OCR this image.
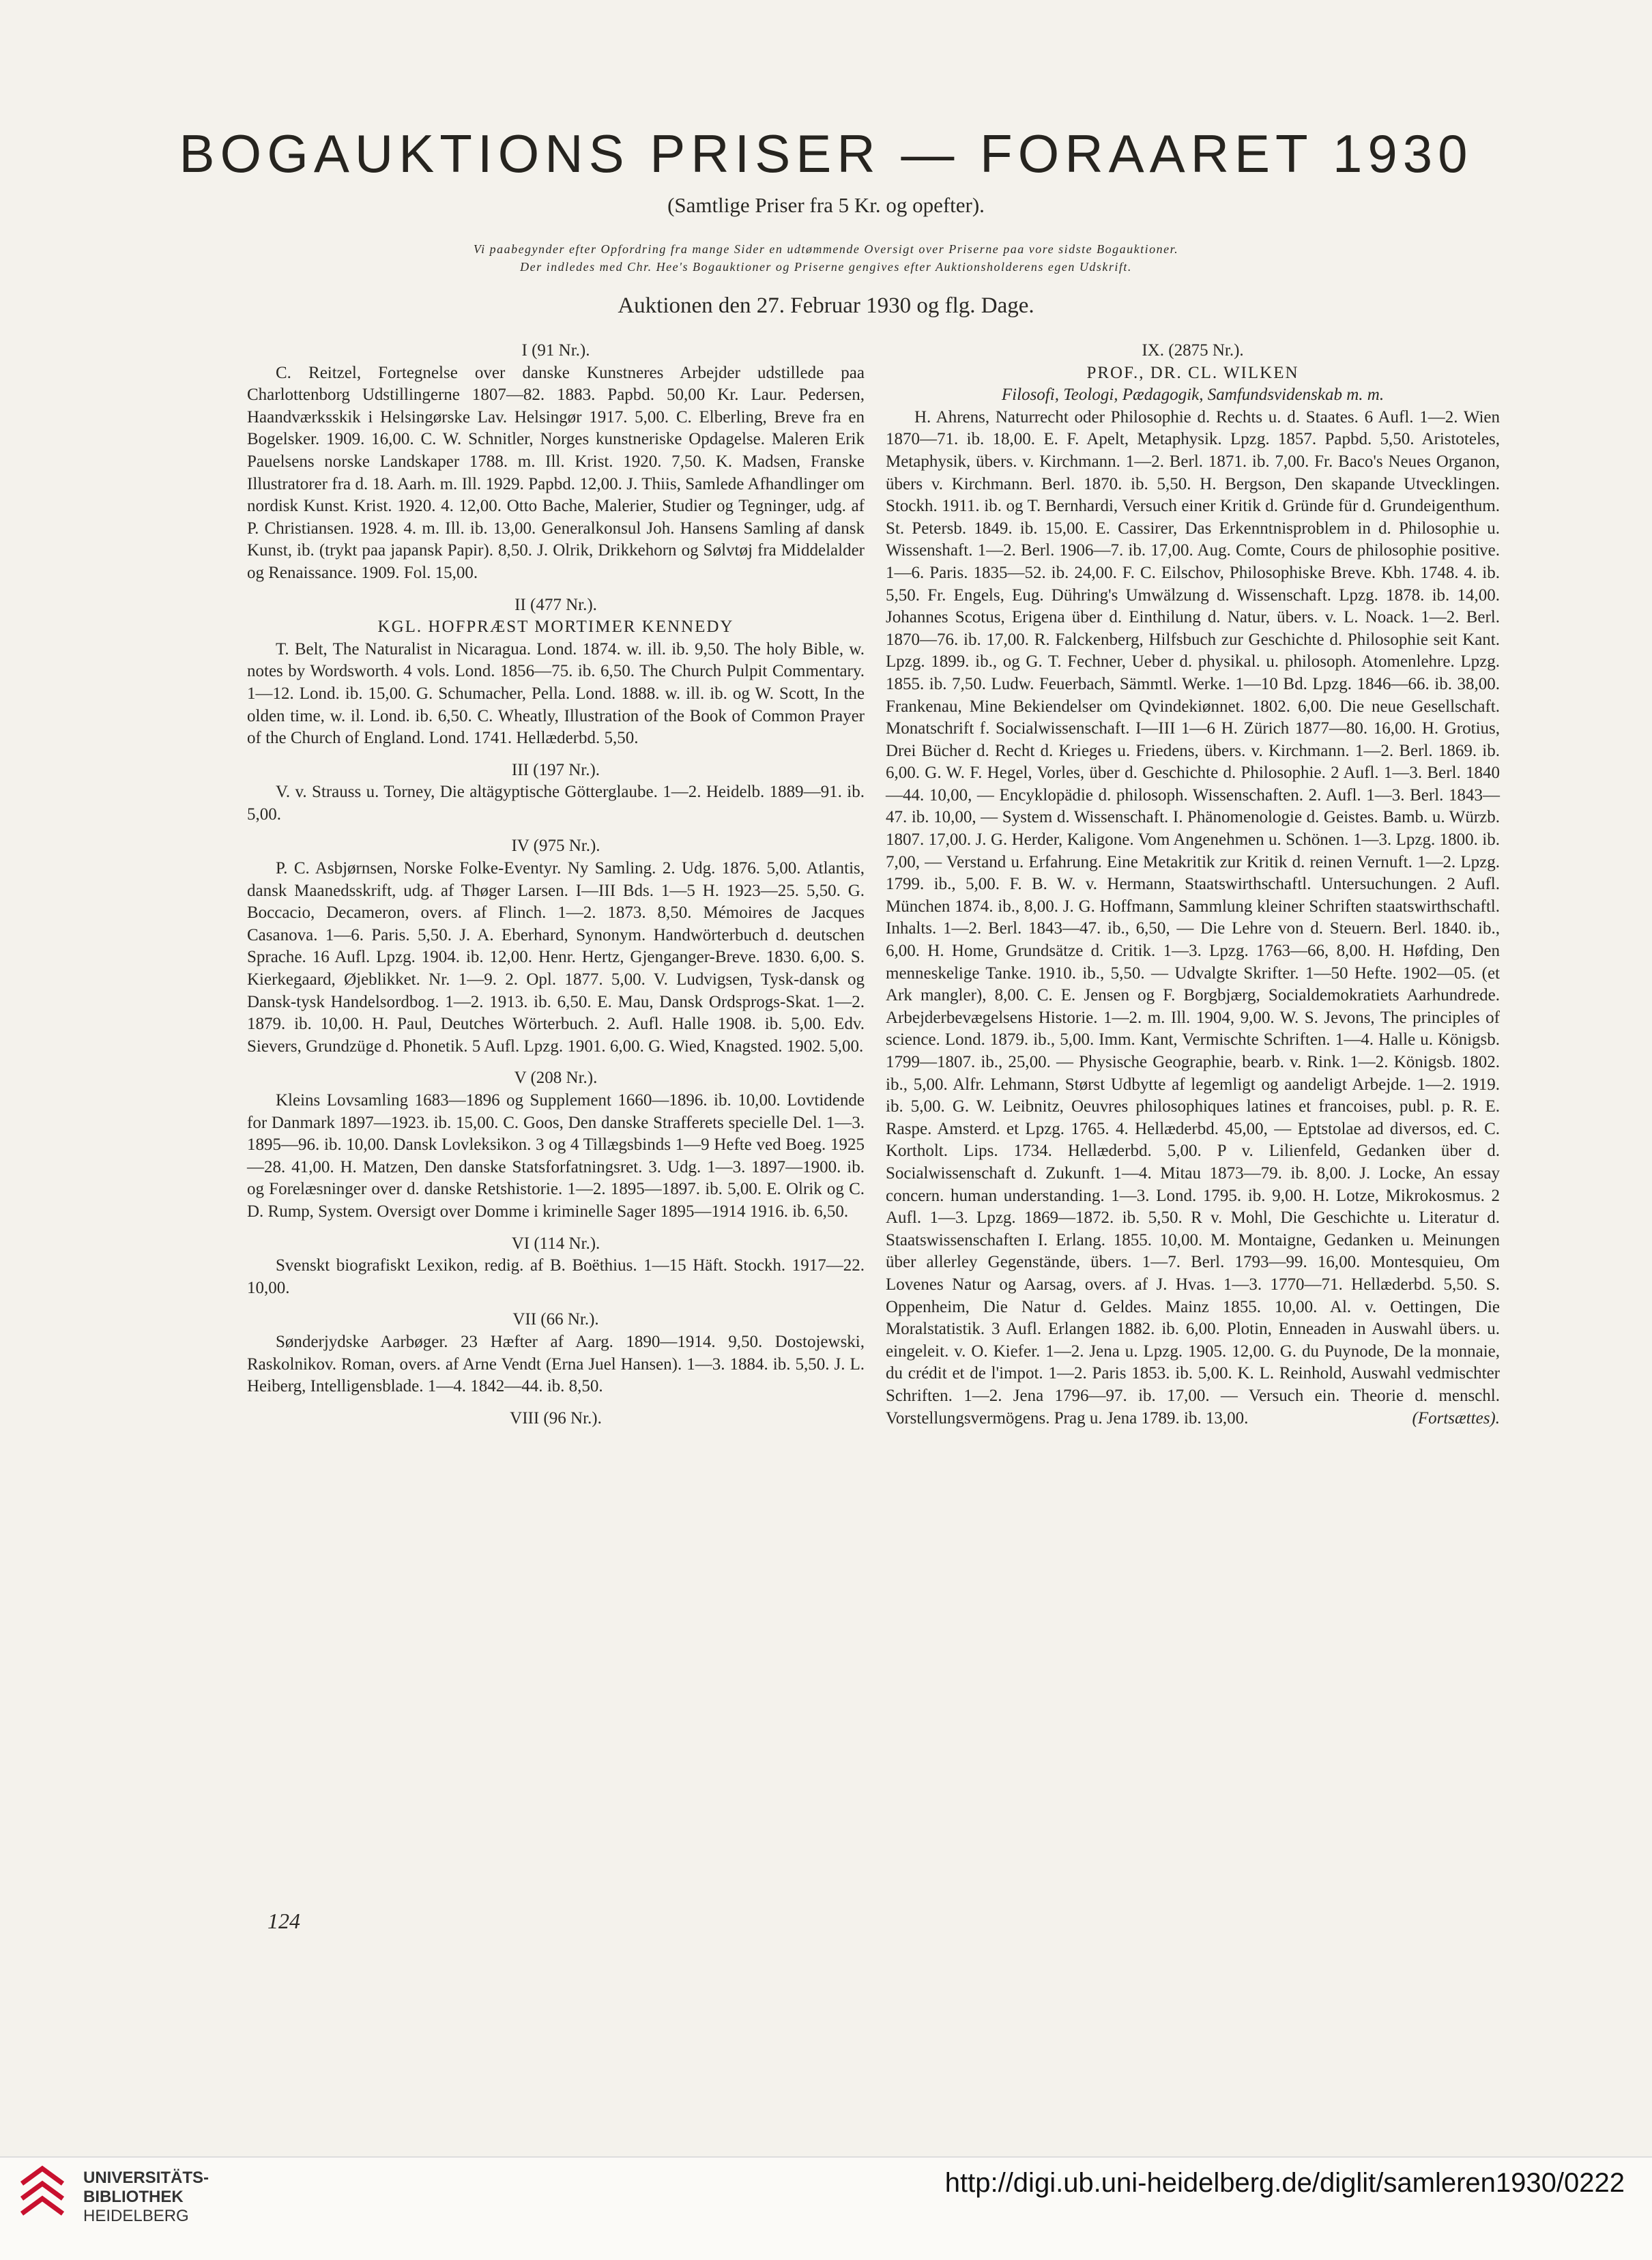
BOGAUKTIONS PRISER — FORAARET 1930
(Samtlige Priser fra 5 Kr. og opefter).
Vi paabegynder efter Opfordring fra mange Sider en udtømmende Oversigt over Priserne paa vore sidste Bogauktioner.
Der indledes med Chr. Hee's Bogauktioner og Priserne gengives efter Auktionsholderens egen Udskrift.
Auktionen den 27. Februar 1930 og flg. Dage.
I (91 Nr.).

C. Reitzel, Fortegnelse over danske Kunstneres Arbejder udstillede paa Charlottenborg Udstillingerne 1807—82. 1883. Papbd. 50,00 Kr. Laur. Pedersen, Haandværksskik i Helsingørske Lav. Helsingør 1917. 5,00. C. Elberling, Breve fra en Bogelsker. 1909. 16,00. C. W. Schnitler, Norges kunstneriske Opdagelse. Maleren Erik Pauelsens norske Landskaper 1788. m. Ill. Krist. 1920. 7,50. K. Madsen, Franske Illustratorer fra d. 18. Aarh. m. Ill. 1929. Papbd. 12,00. J. Thiis, Samlede Afhandlinger om nordisk Kunst. Krist. 1920. 4. 12,00. Otto Bache, Malerier, Studier og Tegninger, udg. af P. Christiansen. 1928. 4. m. Ill. ib. 13,00. Generalkonsul Joh. Hansens Samling af dansk Kunst, ib. (trykt paa japansk Papir). 8,50. J. Olrik, Drikkehorn og Sølvtøj fra Middelalder og Renaissance. 1909. Fol. 15,00.

II (477 Nr.).
KGL. HOFPRÆST MORTIMER KENNEDY

T. Belt, The Naturalist in Nicaragua. Lond. 1874. w. ill. ib. 9,50. The holy Bible, w. notes by Wordsworth. 4 vols. Lond. 1856—75. ib. 6,50. The Church Pulpit Commentary. 1—12. Lond. ib. 15,00. G. Schumacher, Pella. Lond. 1888. w. ill. ib. og W. Scott, In the olden time, w. il. Lond. ib. 6,50. C. Wheatly, Illustration of the Book of Common Prayer of the Church of England. Lond. 1741. Hellæderbd. 5,50.

III (197 Nr.).

V. v. Strauss u. Torney, Die altägyptische Götterglaube. 1—2. Heidelb. 1889—91. ib. 5,00.

IV (975 Nr.).

P. C. Asbjørnsen, Norske Folke-Eventyr. Ny Samling. 2. Udg. 1876. 5,00. Atlantis, dansk Maanedsskrift, udg. af Thøger Larsen. I—III Bds. 1—5 H. 1923—25. 5,50. G. Boccacio, Decameron, overs. af Flinch. 1—2. 1873. 8,50. Mémoires de Jacques Casanova. 1—6. Paris. 5,50. J. A. Eberhard, Synonym. Handwörterbuch d. deutschen Sprache. 16 Aufl. Lpzg. 1904. ib. 12,00. Henr. Hertz, Gjenganger-Breve. 1830. 6,00. S. Kierkegaard, Øjeblikket. Nr. 1—9. 2. Opl. 1877. 5,00. V. Ludvigsen, Tysk-dansk og Dansk-tysk Handelsordbog. 1—2. 1913. ib. 6,50. E. Mau, Dansk Ordsprogs-Skat. 1—2. 1879. ib. 10,00. H. Paul, Deutches Wörterbuch. 2. Aufl. Halle 1908. ib. 5,00. Edv. Sievers, Grundzüge d. Phonetik. 5 Aufl. Lpzg. 1901. 6,00. G. Wied, Knagsted. 1902. 5,00.

V (208 Nr.).

Kleins Lovsamling 1683—1896 og Supplement 1660—1896. ib. 10,00. Lovtidende for Danmark 1897—1923. ib. 15,00. C. Goos, Den danske Strafferets specielle Del. 1—3. 1895—96. ib. 10,00. Dansk Lovleksikon. 3 og 4 Tillægsbinds 1—9 Hefte ved Boeg. 1925—28. 41,00. H. Matzen, Den danske Statsforfatningsret. 3. Udg. 1—3. 1897—1900. ib. og Forelæsninger over d. danske Retshistorie. 1—2. 1895—1897. ib. 5,00. E. Olrik og C. D. Rump, System. Oversigt over Domme i kriminelle Sager 1895—1914 1916. ib. 6,50.

VI (114 Nr.).

Svenskt biografiskt Lexikon, redig. af B. Boëthius. 1—15 Häft. Stockh. 1917—22. 10,00.

VII (66 Nr.).

Sønderjydske Aarbøger. 23 Hæfter af Aarg. 1890—1914. 9,50. Dostojewski, Raskolnikov. Roman, overs. af Arne Vendt (Erna Juel Hansen). 1—3. 1884. ib. 5,50. J. L. Heiberg, Intelligensblade. 1—4. 1842—44. ib. 8,50.

VIII (96 Nr.).
IX. (2875 Nr.).
PROF., DR. CL. WILKEN
Filosofi, Teologi, Pædagogik, Samfundsvidenskab m. m.

H. Ahrens, Naturrecht oder Philosophie d. Rechts u. d. Staates. 6 Aufl. 1—2. Wien 1870—71. ib. 18,00. E. F. Apelt, Metaphysik. Lpzg. 1857. Papbd. 5,50. Aristoteles, Metaphysik, übers. v. Kirchmann. 1—2. Berl. 1871. ib. 7,00. Fr. Baco's Neues Organon, übers v. Kirchmann. Berl. 1870. ib. 5,50. H. Bergson, Den skapande Utvecklingen. Stockh. 1911. ib. og T. Bernhardi, Versuch einer Kritik d. Gründe für d. Grundeigenthum. St. Petersb. 1849. ib. 15,00. E. Cassirer, Das Erkenntnisproblem in d. Philosophie u. Wissenshaft. 1—2. Berl. 1906—7. ib. 17,00. Aug. Comte, Cours de philosophie positive. 1—6. Paris. 1835—52. ib. 24,00. F. C. Eilschov, Philosophiske Breve. Kbh. 1748. 4. ib. 5,50. Fr. Engels, Eug. Dühring's Umwälzung d. Wissenschaft. Lpzg. 1878. ib. 14,00. Johannes Scotus, Erigena über d. Einthilung d. Natur, übers. v. L. Noack. 1—2. Berl. 1870—76. ib. 17,00. R. Falckenberg, Hilfsbuch zur Geschichte d. Philosophie seit Kant. Lpzg. 1899. ib., og G. T. Fechner, Ueber d. physikal. u. philosoph. Atomenlehre. Lpzg. 1855. ib. 7,50. Ludw. Feuerbach, Sämmtl. Werke. 1—10 Bd. Lpzg. 1846—66. ib. 38,00. Frankenau, Mine Bekiendelser om Qvindekiønnet. 1802. 6,00. Die neue Gesellschaft. Monatschrift f. Socialwissenschaft. I—III 1—6 H. Zürich 1877—80. 16,00. H. Grotius, Drei Bücher d. Recht d. Krieges u. Friedens, übers. v. Kirchmann. 1—2. Berl. 1869. ib. 6,00. G. W. F. Hegel, Vorles, über d. Geschichte d. Philosophie. 2 Aufl. 1—3. Berl. 1840—44. 10,00, — Encyklopädie d. philosoph. Wissenschaften. 2. Aufl. 1—3. Berl. 1843—47. ib. 10,00, — System d. Wissenschaft. I. Phänomenologie d. Geistes. Bamb. u. Würzb. 1807. 17,00. J. G. Herder, Kaligone. Vom Angenehmen u. Schönen. 1—3. Lpzg. 1800. ib. 7,00, — Verstand u. Erfahrung. Eine Metakritik zur Kritik d. reinen Vernuft. 1—2. Lpzg. 1799. ib., 5,00. F. B. W. v. Hermann, Staatswirthschaftl. Untersuchungen. 2 Aufl. München 1874. ib., 8,00. J. G. Hoffmann, Sammlung kleiner Schriften staatswirthschaftl. Inhalts. 1—2. Berl. 1843—47. ib., 6,50, — Die Lehre von d. Steuern. Berl. 1840. ib., 6,00. H. Home, Grundsätze d. Critik. 1—3. Lpzg. 1763—66, 8,00. H. Høfding, Den menneskelige Tanke. 1910. ib., 5,50. — Udvalgte Skrifter. 1—50 Hefte. 1902—05. (et Ark mangler), 8,00. C. E. Jensen og F. Borgbjærg, Socialdemokratiets Aarhundrede. Arbejderbevægelsens Historie. 1—2. m. Ill. 1904, 9,00. W. S. Jevons, The principles of science. Lond. 1879. ib., 5,00. Imm. Kant, Vermischte Schriften. 1—4. Halle u. Königsb. 1799—1807. ib., 25,00. — Physische Geographie, bearb. v. Rink. 1—2. Königsb. 1802. ib., 5,00. Alfr. Lehmann, Størst Udbytte af legemligt og aandeligt Arbejde. 1—2. 1919. ib. 5,00. G. W. Leibnitz, Oeuvres philosophiques latines et francoises, publ. p. R. E. Raspe. Amsterd. et Lpzg. 1765. 4. Hellæderbd. 45,00, — Eptstolae ad diversos, ed. C. Kortholt. Lips. 1734. Hellæderbd. 5,00. P v. Lilienfeld, Gedanken über d. Socialwissenschaft d. Zukunft. 1—4. Mitau 1873—79. ib. 8,00. J. Locke, An essay concern. human understanding. 1—3. Lond. 1795. ib. 9,00. H. Lotze, Mikrokosmus. 2 Aufl. 1—3. Lpzg. 1869—1872. ib. 5,50. R v. Mohl, Die Geschichte u. Literatur d. Staatswissenschaften I. Erlang. 1855. 10,00. M. Montaigne, Gedanken u. Meinungen über allerley Gegenstände, übers. 1—7. Berl. 1793—99. 16,00. Montesquieu, Om Lovenes Natur og Aarsag, overs. af J. Hvas. 1—3. 1770—71. Hellæderbd. 5,50. S. Oppenheim, Die Natur d. Geldes. Mainz 1855. 10,00. Al. v. Oettingen, Die Moralstatistik. 3 Aufl. Erlangen 1882. ib. 6,00. Plotin, Enneaden in Auswahl übers. u. eingeleit. v. O. Kiefer. 1—2. Jena u. Lpzg. 1905. 12,00. G. du Puynode, De la monnaie, du crédit et de l'impot. 1—2. Paris 1853. ib. 5,00. K. L. Reinhold, Auswahl vedmischter Schriften. 1—2. Jena 1796—97. ib. 17,00. — Versuch ein. Theorie d. menschl. Vorstellungsvermögens. Prag u. Jena 1789. ib. 13,00.	(Fortsættes).

124
UNIVERSITÄTS-
BIBLIOTHEK
HEIDELBERG
http://digi.ub.uni-heidelberg.de/diglit/samleren1930/0222
